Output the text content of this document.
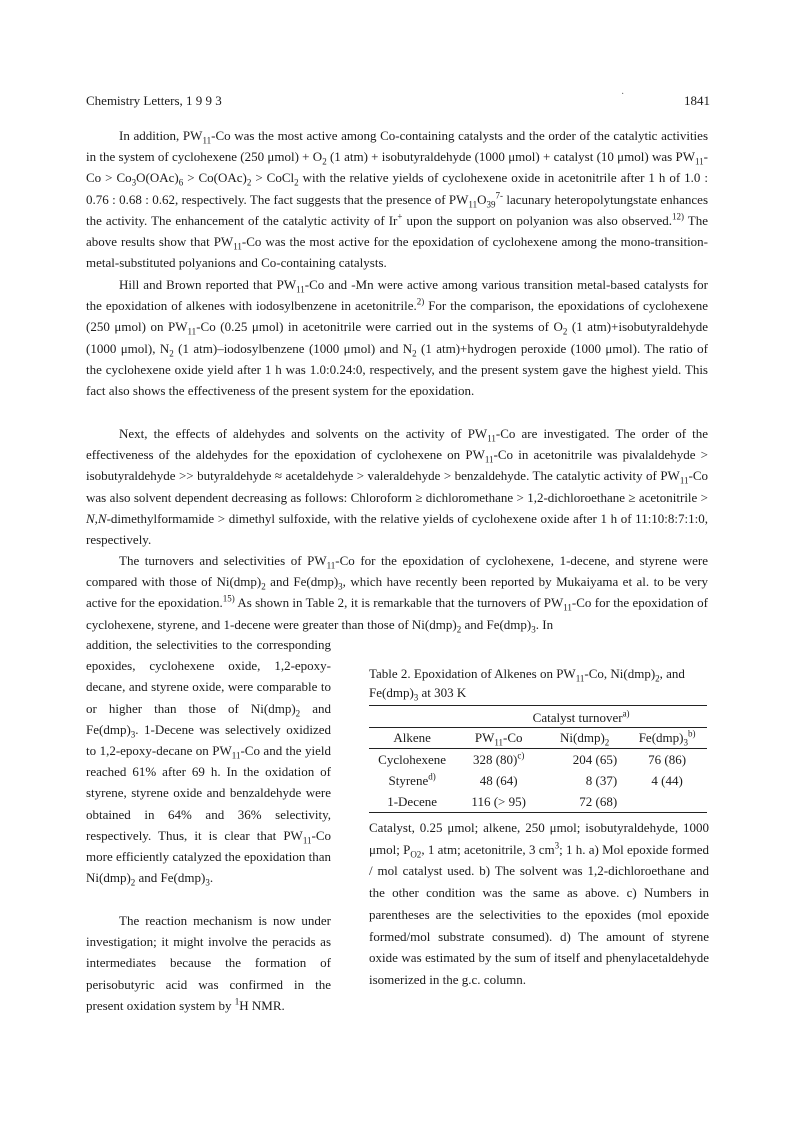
Chemistry Letters, 1 9 9 3	·	1841
In addition, $PW_{11}-Co$ was the most active among Co-containing catalysts and the order of the catalytic activities in the system of cyclohexene (250 $\mu mol) + O_2$ (1 atm) + isobutyraldehyde (1000 μmol) + catalyst (10 μmol) was $PW_{11}-Co > Co_3O(OAc)_6 > Co(OAc)_2$ > CoCl$_2$ with the relative yields of cyclohexene oxide in acetonitrile after 1 h of 1.0 : 0.76 : 0.68 : 0.62, respectively. The fact suggests that the presence of $PW_{11}O_{39}^{7-}$ lacunary heteropolytungstate enhances the activity. The enhancement of the catalytic activity of Ir+ upon the support on polyanion was also observed.$^{12)}$ The above results show that $PW_{11}-Co$ was the most active for the epoxidation of cyclohexene among the mono-transition-metal-substituted polyanions and Co-containing catalysts.
Hill and Brown reported that $PW_{11}-Co$ and -Mn were active among various transition metal-based catalysts for the epoxidation of alkenes with iodosylbenzene in acetonitrile.$^{2)}$ For the comparison, the epoxidations of cyclohexene (250 μmol) on $PW_{11}-Co$ (0.25 μmol) in acetonitrile were carried out in the systems of $O_2$ (1 atm)+isobutyraldehyde (1000 μmol), $N_2$ (1 atm)–iodosylbenzene (1000 μmol) and $N_2$ (1 atm)+hydrogen peroxide (1000 μmol). The ratio of the cyclohexene oxide yield after 1 h was 1.0:0.24:0, respectively, and the present system gave the highest yield. This fact also shows the effectiveness of the present system for the epoxidation.
Next, the effects of aldehydes and solvents on the activity of $PW_{11}-Co$ are investigated. The order of the effectiveness of the aldehydes for the epoxidation of cyclohexene on $PW_{11}-Co$ in acetonitrile was pivalaldehyde > isobutyraldehyde >> butyraldehyde ≈ acetaldehyde > valeraldehyde > benzaldehyde. The catalytic activity of $PW_{11}-Co$ was also solvent dependent decreasing as follows: Chloroform ≥ dichloromethane > 1,2-dichloroethane ≥ acetonitrile > N,N-dimethylformamide > dimethyl sulfoxide, with the relative yields of cyclohexene oxide after 1 h of 11:10:8:7:1:0, respectively.
The turnovers and selectivities of $PW_{11}-Co$ for the epoxidation of cyclohexene, 1-decene, and styrene were compared with those of $Ni(dmp)_2$ and $Fe(dmp)_3$, which have recently been reported by Mukaiyama et al. to be very active for the epoxidation.$^{15)}$ As shown in Table 2, it is remarkable that the turnovers of $PW_{11}-Co$ for the epoxidation of cyclohexene, styrene, and 1-decene were greater than those of $Ni(dmp)_2$ and $Fe(dmp)_3$. In
addition, the selectivities to the corresponding epoxides, cyclohexene oxide, 1,2-epoxy-decane, and styrene oxide, were comparable to or higher than those of $Ni(dmp)_2$ and $Fe(dmp)_3$. 1-Decene was selectively oxidized to 1,2-epoxy-decane on $PW_{11}-Co$ and the yield reached 61% after 69 h. In the oxidation of styrene, styrene oxide and benzaldehyde were obtained in 64% and 36% selectivity, respectively. Thus, it is clear that $PW_{11}-Co$ more efficiently catalyzed the epoxidation than $Ni(dmp)_2$ and $Fe(dmp)_3$.
The reaction mechanism is now under investigation; it might involve the peracids as intermediates because the formation of perisobutyric acid was confirmed in the present oxidation system by $^1$H NMR.
Table 2. Epoxidation of Alkenes on $PW_{11}-Co$, $Ni(dmp)_2$, and $Fe(dmp)_3$ at 303 K
	Catalyst turnover$^{a)}$
Alkene	$PW_{11}-Co$	$Ni(dmp)_2$	$Fe(dmp)_3^{b)}$
Cyclohexene	328 $(80)^{c)}$	204 (65)	76 (86)
Styrene$^{d)}$	48 (64)	8 (37)	4 (44)
1-Decene	116 (> 95)	72 (68)	
Catalyst, 0.25 μmol; alkene, 250 μmol; isobutyraldehyde, 1000 μmol; $P_{O2}$, 1 atm; acetonitrile, 3 $cm^3$; 1 h. a) Mol epoxide formed / mol catalyst used. b) The solvent was 1,2-dichloroethane and the other condition was the same as above. c) Numbers in parentheses are the selectivities to the epoxides (mol epoxide formed/mol substrate consumed). d) The amount of styrene oxide was estimated by the sum of itself and phenylacetaldehyde isomerized in the g.c. column.
